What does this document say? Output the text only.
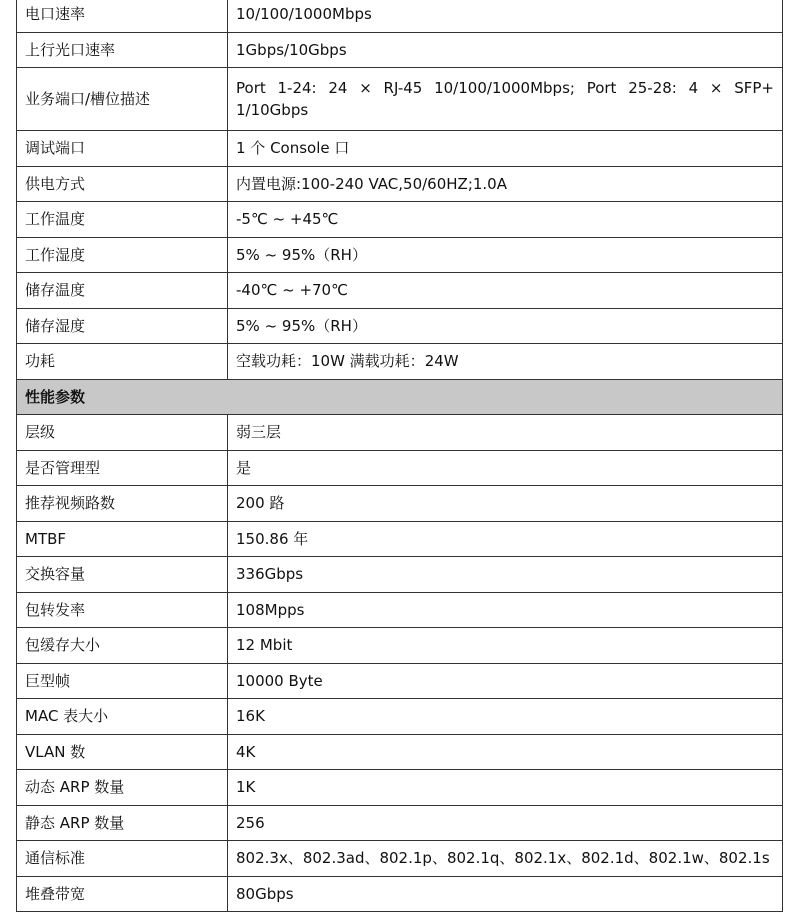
电口速率	10/100/1000Mbps
上行光口速率	1Gbps/10Gbps
业务端口/槽位描述	Port 1-24: 24 × RJ-45 10/100/1000Mbps; Port 25-28: 4 × SFP+ 1/10Gbps
调试端口	1 个 Console 口
供电方式	内置电源:100-240 VAC,50/60HZ;1.0A
工作温度	-5℃ ~ +45℃
工作湿度	5% ~ 95%（RH）
储存温度	-40℃ ~ +70℃
储存湿度	5% ~ 95%（RH）
功耗	空载功耗：10W 满载功耗：24W
性能参数	
层级	弱三层
是否管理型	是
推荐视频路数	200 路
MTBF	150.86 年
交换容量	336Gbps
包转发率	108Mpps
包缓存大小	12 Mbit
巨型帧	10000 Byte
MAC 表大小	16K
VLAN 数	4K
动态 ARP 数量	1K
静态 ARP 数量	256
通信标准	802.3x、802.3ad、802.1p、802.1q、802.1x、802.1d、802.1w、802.1s
堆叠带宽	80Gbps
